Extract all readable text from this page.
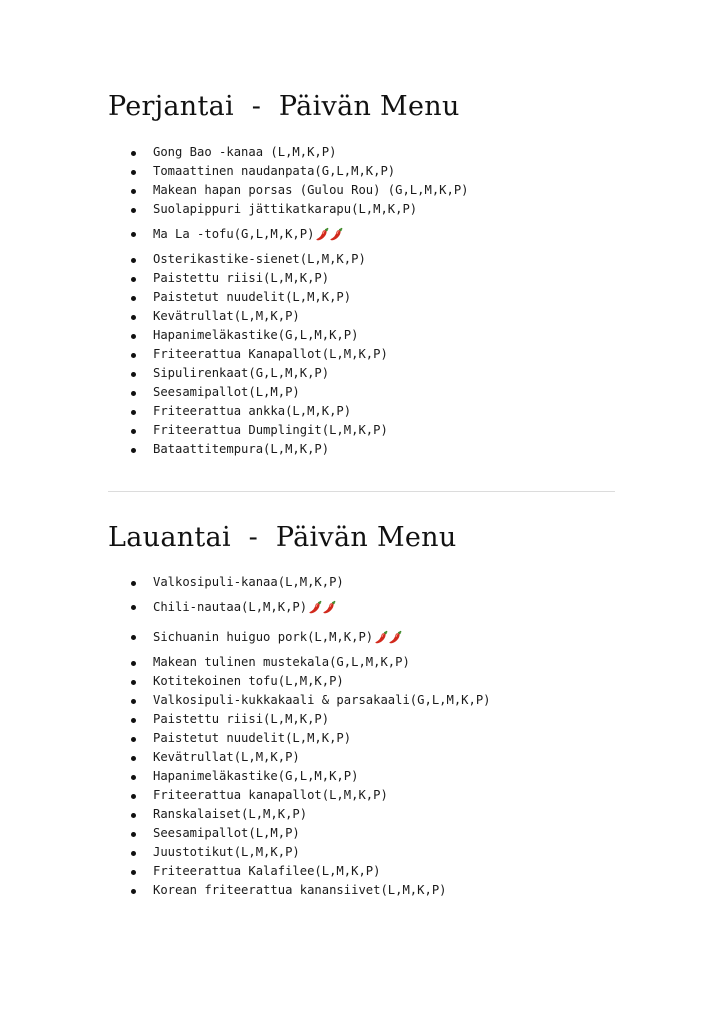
Perjantai  -  Päivän Menu
Gong Bao -kanaa (L,M,K,P)
Tomaattinen naudanpata(G,L,M,K,P)
Makean hapan porsas (Gulou Rou) (G,L,M,K,P)
Suolapippuri jättikatkarapu(L,M,K,P)
Ma La -tofu(G,L,M,K,P)
Osterikastike-sienet(L,M,K,P)
Paistettu riisi(L,M,K,P)
Paistetut nuudelit(L,M,K,P)
Kevätrullat(L,M,K,P)
Hapanimeläkastike(G,L,M,K,P)
Friteerattua Kanapallot(L,M,K,P)
Sipulirenkaat(G,L,M,K,P)
Seesamipallot(L,M,P)
Friteerattua ankka(L,M,K,P)
Friteerattua Dumplingit(L,M,K,P)
Bataattitempura(L,M,K,P)
Lauantai  -  Päivän Menu
Valkosipuli-kanaa(L,M,K,P)
Chili-nautaa(L,M,K,P)
Sichuanin huiguo pork(L,M,K,P)
Makean tulinen mustekala(G,L,M,K,P)
Kotitekoinen tofu(L,M,K,P)
Valkosipuli-kukkakaali & parsakaali(G,L,M,K,P)
Paistettu riisi(L,M,K,P)
Paistetut nuudelit(L,M,K,P)
Kevätrullat(L,M,K,P)
Hapanimeläkastike(G,L,M,K,P)
Friteerattua kanapallot(L,M,K,P)
Ranskalaiset(L,M,K,P)
Seesamipallot(L,M,P)
Juustotikut(L,M,K,P)
Friteerattua Kalafilee(L,M,K,P)
Korean friteerattua kanansiivet(L,M,K,P)
